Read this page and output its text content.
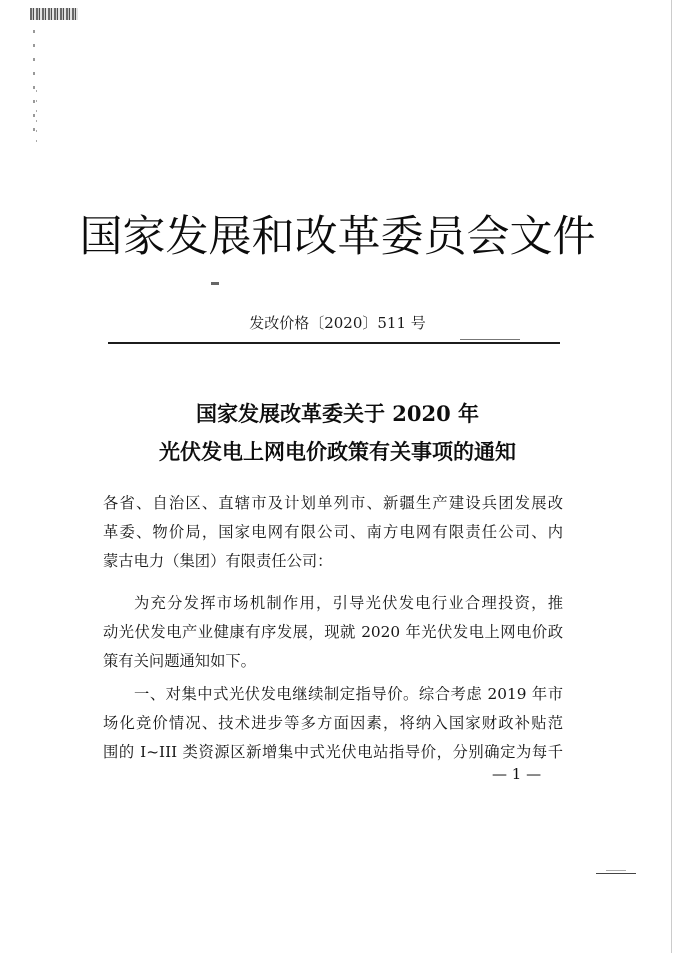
国家发展和改革委员会文件
发改价格〔2020〕511 号
国家发展改革委关于 2020 年
光伏发电上网电价政策有关事项的通知

各省、自治区、直辖市及计划单列市、新疆生产建设兵团发展改

革委、物价局，国家电网有限公司、南方电网有限责任公司、内

蒙古电力（集团）有限责任公司：

为充分发挥市场机制作用，引导光伏发电行业合理投资，推

动光伏发电产业健康有序发展，现就 2020 年光伏发电上网电价政

策有关问题通知如下。

一、对集中式光伏发电继续制定指导价。综合考虑 2019 年市

场化竞价情况、技术进步等多方面因素，将纳入国家财政补贴范

围的 I~III 类资源区新增集中式光伏电站指导价，分别确定为每千

— 1 —
